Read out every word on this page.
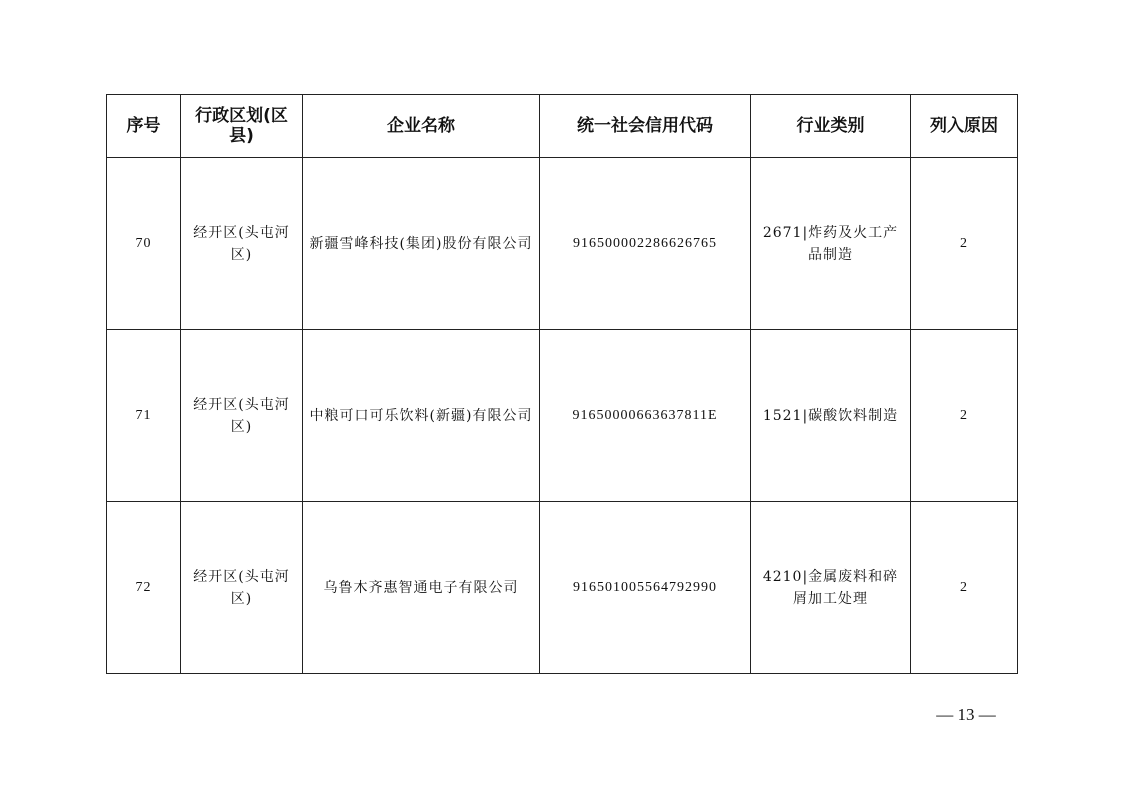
序号	行政区划(区县)	企业名称	统一社会信用代码	行业类别	列入原因
70	经开区(头屯河区)	新疆雪峰科技(集团)股份有限公司	916500002286626765	2671|炸药及火工产品制造	2
71	经开区(头屯河区)	中粮可口可乐饮料(新疆)有限公司	91650000663637811E	1521|碳酸饮料制造	2
72	经开区(头屯河区)	乌鲁木齐惠智通电子有限公司	916501005564792990	4210|金属废料和碎屑加工处理	2
— 13 —
